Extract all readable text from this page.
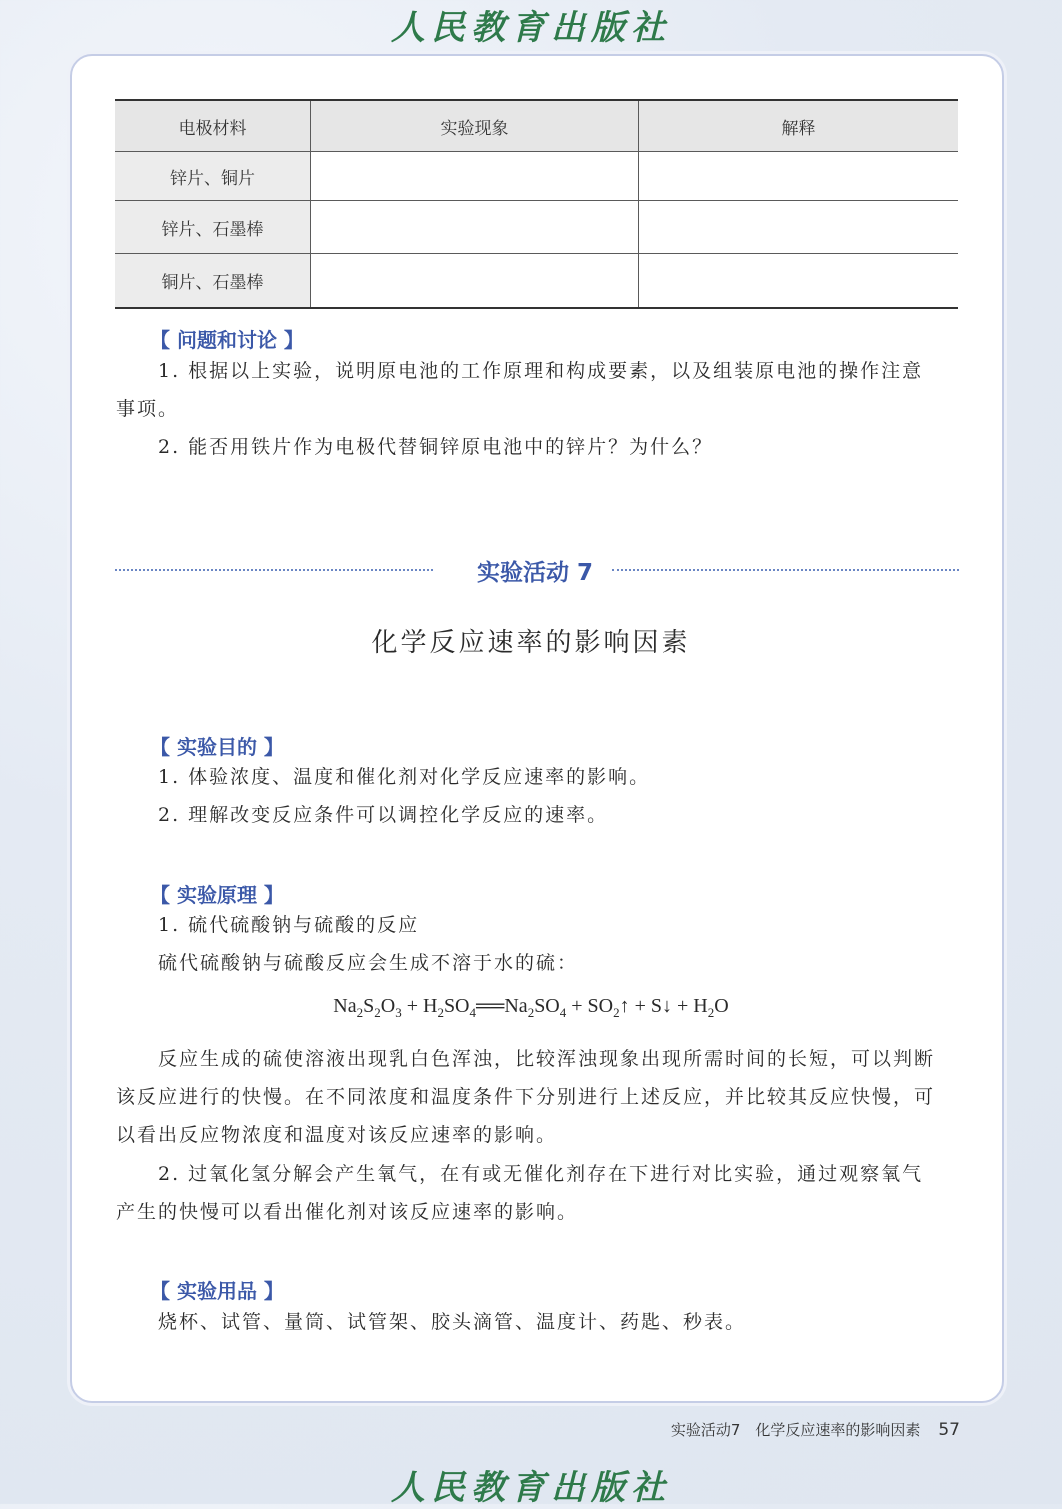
人民教育出版社
电极材料	实验现象	解释
锌片、铜片		
锌片、石墨棒		
铜片、石墨棒		
【 问题和讨论 】
1. 根据以上实验，说明原电池的工作原理和构成要素，以及组装原电池的操作注意
事项。
2. 能否用铁片作为电极代替铜锌原电池中的锌片？为什么？
实验活动 7
化学反应速率的影响因素
【 实验目的 】
1. 体验浓度、温度和催化剂对化学反应速率的影响。
2. 理解改变反应条件可以调控化学反应的速率。
【 实验原理 】
1. 硫代硫酸钠与硫酸的反应
硫代硫酸钠与硫酸反应会生成不溶于水的硫：
$Na_2S_2O_3$ + $H_2SO_4══Na_2SO_4$ + $SO_2↑$ + S↓ + $H_2O$
反应生成的硫使溶液出现乳白色浑浊，比较浑浊现象出现所需时间的长短，可以判断
该反应进行的快慢。在不同浓度和温度条件下分别进行上述反应，并比较其反应快慢，可
以看出反应物浓度和温度对该反应速率的影响。
2. 过氧化氢分解会产生氧气，在有或无催化剂存在下进行对比实验，通过观察氧气
产生的快慢可以看出催化剂对该反应速率的影响。
【 实验用品 】
烧杯、试管、量筒、试管架、胶头滴管、温度计、药匙、秒表。
实验活动7　化学反应速率的影响因素 57
人民教育出版社
